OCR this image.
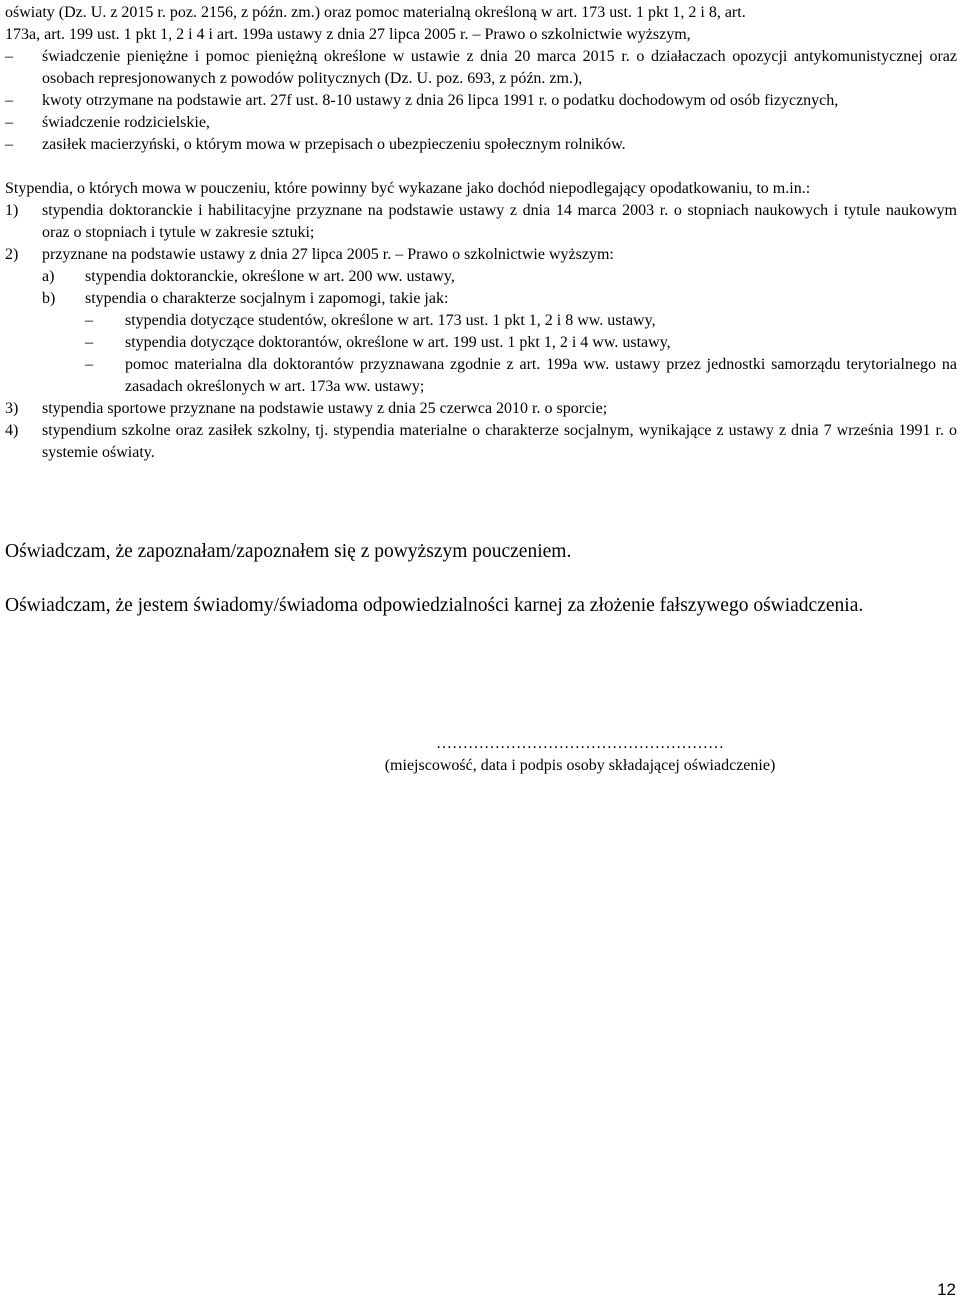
oświaty (Dz. U. z 2015 r. poz. 2156, z późn. zm.) oraz pomoc materialną określoną w art. 173 ust. 1 pkt 1, 2 i 8, art.
173a, art. 199 ust. 1 pkt 1, 2 i 4 i art. 199a ustawy z dnia 27 lipca 2005 r. – Prawo o szkolnictwie wyższym,
–	świadczenie pieniężne i pomoc pieniężną określone w ustawie z dnia 20 marca 2015 r. o działaczach opozycji antykomunistycznej oraz osobach represjonowanych z powodów politycznych (Dz. U. poz. 693, z późn. zm.),
–	kwoty otrzymane na podstawie art. 27f ust. 8-10 ustawy z dnia 26 lipca 1991 r. o podatku dochodowym od osób fizycznych,
–	świadczenie rodzicielskie,
–	zasiłek macierzyński, o którym mowa w przepisach o ubezpieczeniu społecznym rolników.
Stypendia, o których mowa w pouczeniu, które powinny być wykazane jako dochód niepodlegający opodatkowaniu, to m.in.:
1) stypendia doktoranckie i habilitacyjne przyznane na podstawie ustawy z dnia 14 marca 2003 r. o stopniach naukowych i tytule naukowym oraz o stopniach i tytule w zakresie sztuki;
2) przyznane na podstawie ustawy z dnia 27 lipca 2005 r. – Prawo o szkolnictwie wyższym:
a) stypendia doktoranckie, określone w art. 200 ww. ustawy,
b) stypendia o charakterze socjalnym i zapomogi, takie jak:
– stypendia dotyczące studentów, określone w art. 173 ust. 1 pkt 1, 2 i 8 ww. ustawy,
– stypendia dotyczące doktorantów, określone w art. 199 ust. 1 pkt 1, 2 i 4 ww. ustawy,
– pomoc materialna dla doktorantów przyznawana zgodnie z art. 199a ww. ustawy przez jednostki samorządu terytorialnego na zasadach określonych w art. 173a ww. ustawy;
3) stypendia sportowe przyznane na podstawie ustawy z dnia 25 czerwca 2010 r. o sporcie;
4) stypendium szkolne oraz zasiłek szkolny, tj. stypendia materialne o charakterze socjalnym, wynikające z ustawy z dnia 7 września 1991 r. o systemie oświaty.
Oświadczam, że zapoznałam/zapoznałem się z powyższym pouczeniem.
Oświadczam, że jestem świadomy/świadoma odpowiedzialności karnej za złożenie fałszywego oświadczenia.
………………………………………………
(miejscowość, data i podpis osoby składającej oświadczenie)
12
